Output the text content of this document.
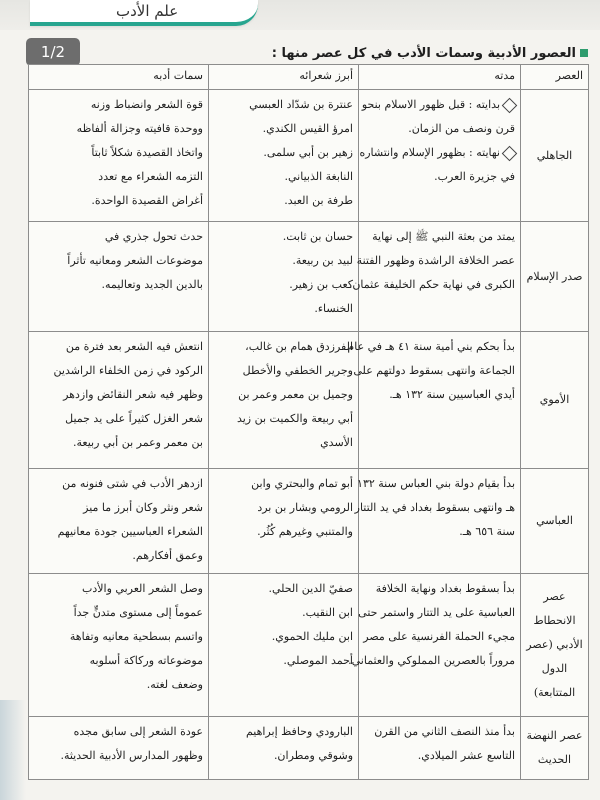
علم الأدب
1/2	العصور الأدبية وسمات الأدب في كل عصر منها :
العصر	مدته	أبرز شعرائه	سمات أدبه
الجاهلي	بدايته : قبل ظهور الاسلام بنحو
قرن ونصف من الزمان.
نهايته : بظهور الإسلام وانتشاره
في جزيرة العرب.	عنترة بن شدّاد العبسي
امرؤ القيس الكندي.
زهير بن أبي سلمى.
النابغة الذبياني.
طرفة بن العبد.	قوة الشعر وانضباط وزنه
ووحدة قافيته وجزالة ألفاظه
واتخاذ القصيدة شكلاً ثابتاً
التزمه الشعراء مع تعدد
أغراض القصيدة الواحدة.

صدر الإسلام	يمتد من بعثة النبي ﷺ إلى نهاية
عصر الخلافة الراشدة وظهور الفتنة
الكبرى في نهاية حكم الخليفة عثمان.	حسان بن ثابت.
لبيد بن ربيعة.
كعب بن زهير.
الخنساء.	حدث تحول جذري في
موضوعات الشعر ومعانيه تأثراً
بالدين الجديد وتعاليمه.

الأموي	بدأ بحكم بني أمية سنة ٤١ هـ في عام
الجماعة وانتهى بسقوط دولتهم على
أيدي العباسيين سنة ١٣٢ هـ.	الفرزدق همام بن غالب،
وجرير الخطفي والأخطل
وجميل بن معمر وعمر بن
أبي ربيعة والكميت بن زيد
الأسدي	انتعش فيه الشعر بعد فترة من
الركود في زمن الخلفاء الراشدين
وظهر فيه شعر النقائض وازدهر
شعر الغزل كثيراً على يد جميل
بن معمر وعمر بن أبي ربيعة.

العباسي	بدأ بقيام دولة بني العباس سنة ١٣٢
هـ وانتهى بسقوط بغداد في يد التتار
سنة ٦٥٦ هـ.	أبو تمام والبحتري وابن
الرومي وبشار بن برد
والمتنبي وغيرهم كُثُر.	ازدهر الأدب في شتى فنونه من
شعر ونثر وكان أبرز ما ميز
الشعراء العباسيين جودة معانيهم
وعمق أفكارهم.

عصر الانحطاط الأدبي (عصر الدول المتتابعة)	بدأ بسقوط بغداد ونهاية الخلافة
العباسية على يد التتار واستمر حتى
مجيء الحملة الفرنسية على مصر
مروراً بالعصرين المملوكي والعثماني.	صفيّ الدين الحلي.
ابن النقيب.
ابن مليك الحموي.
أحمد الموصلي.	وصل الشعر العربي والأدب
عموماً إلى مستوى متدنٍّ جداً
واتسم بسطحية معانيه وتفاهة
موضوعاته وركاكة أسلوبه
وضعف لغته.

عصر النهضة الحديث	بدأ منذ النصف الثاني من القرن
التاسع عشر الميلادي.	البارودي وحافظ إبراهيم
وشوقي ومطران.	عودة الشعر إلى سابق مجده
وظهور المدارس الأدبية الحديثة.
